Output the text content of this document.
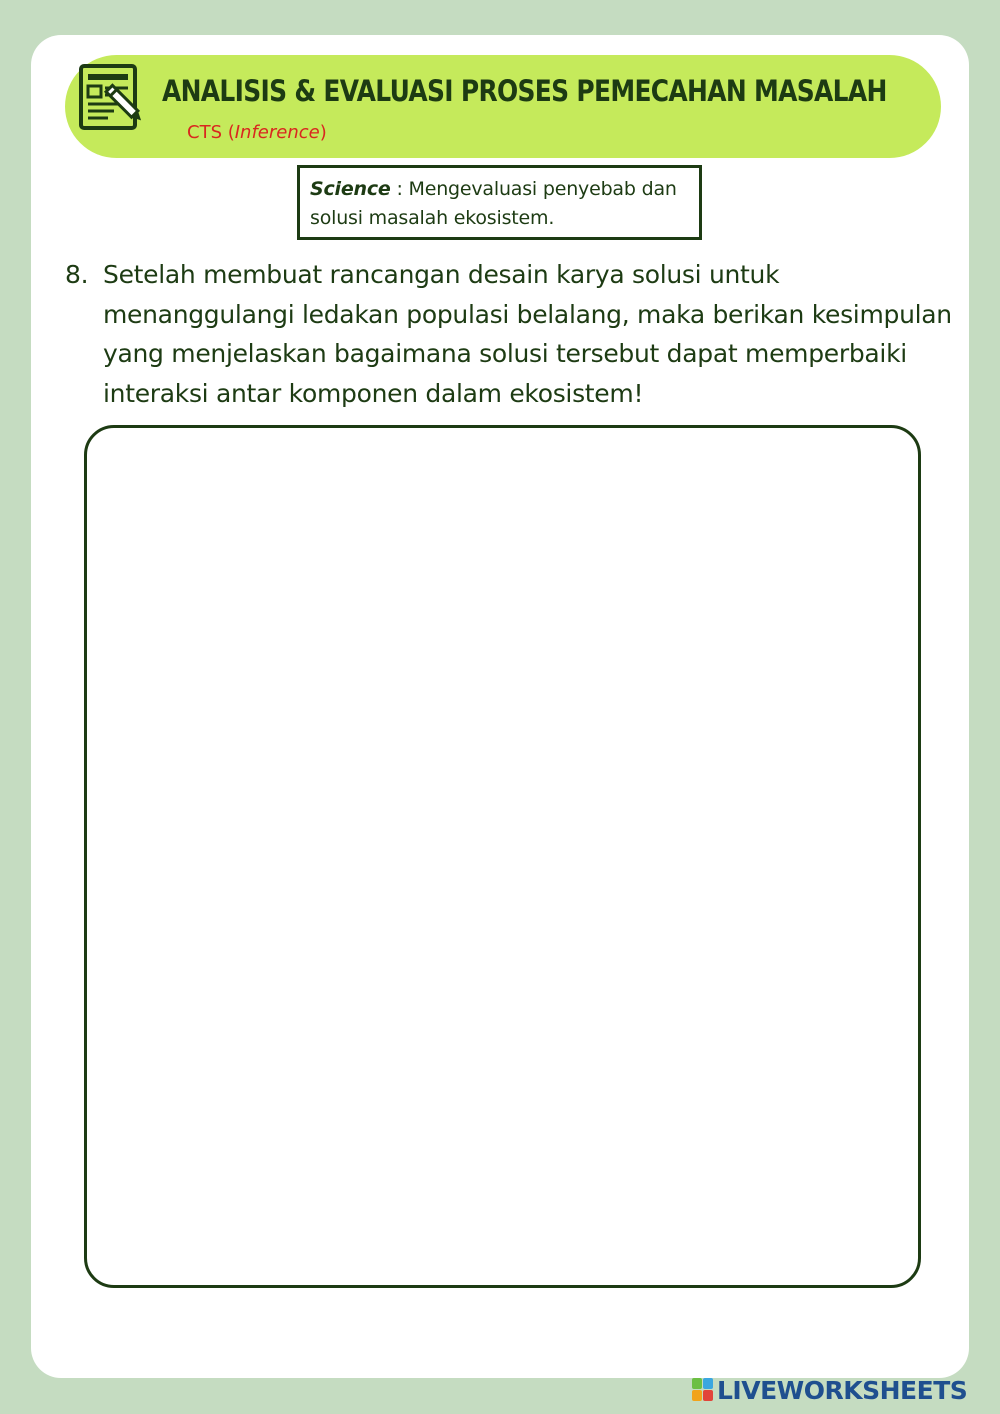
ANALISIS & EVALUASI PROSES PEMECAHAN MASALAH
CTS (Inference)
Science : Mengevaluasi penyebab dan solusi masalah ekosistem.
8. Setelah membuat rancangan desain karya solusi untuk menanggulangi ledakan populasi belalang, maka berikan kesimpulan yang menjelaskan bagaimana solusi tersebut dapat memperbaiki interaksi antar komponen dalam ekosistem!
LIVEWORKSHEETS
